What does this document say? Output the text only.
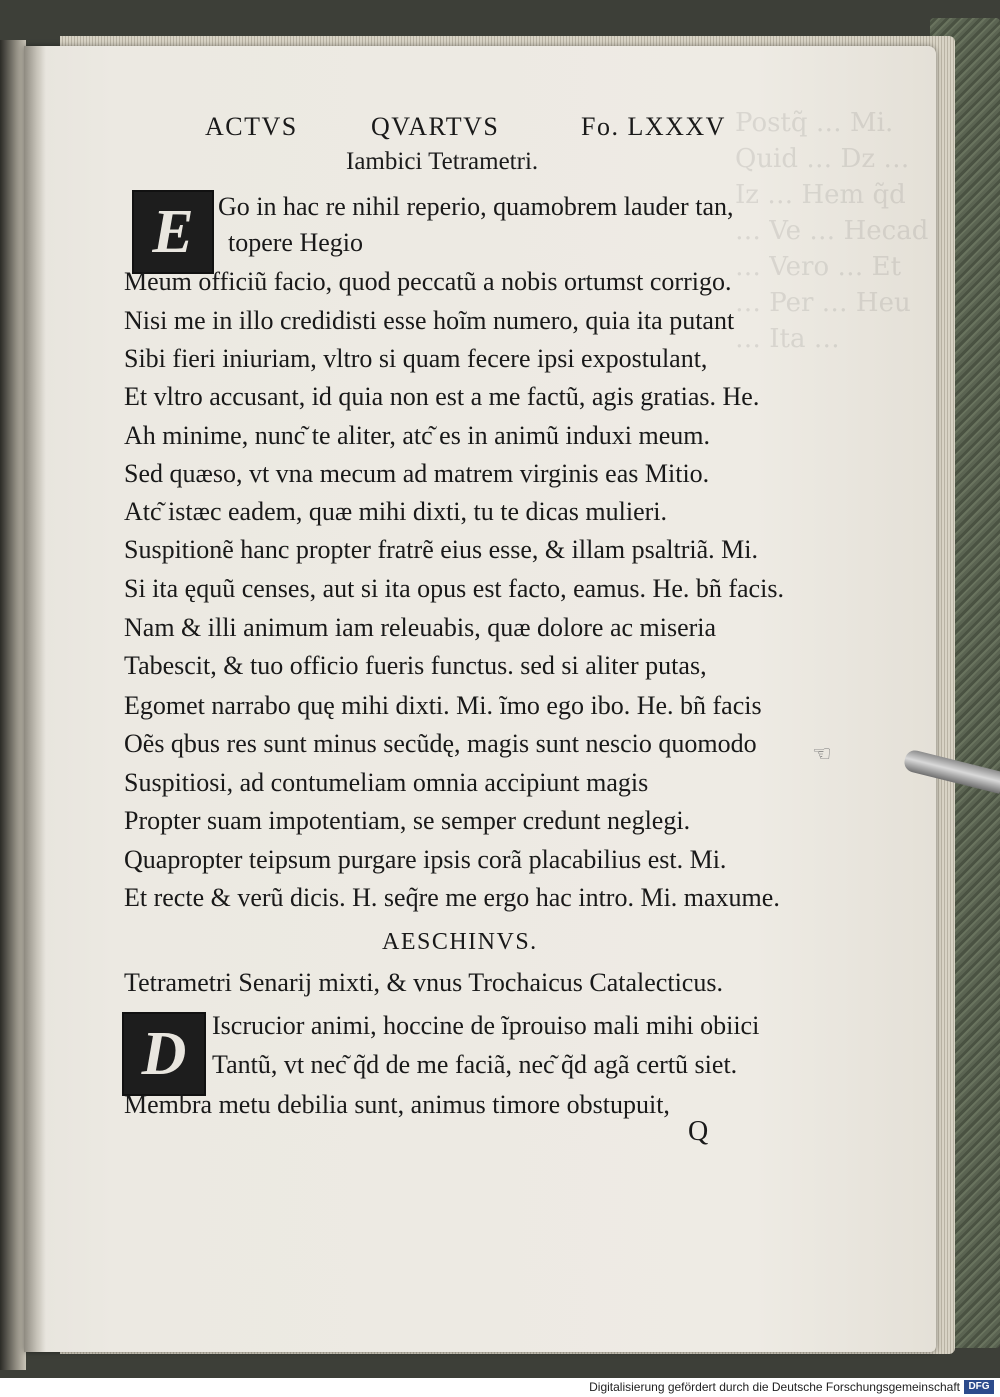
Postq̃ … Mi. Quid … Dz … Iz … Hem q̃d … Ve … Hecad … Vero … Et … Per … Heu … Ita …
ACTVS	QVARTVS	Fo. LXXXV
Iambici Tetrametri.
E Go in hac re nihil reperio, quamobrem lauder tan,
topere Hegio
Meum officiũ facio, quod peccatũ a nobis ortumst corrigo.
Nisi me in illo credidisti esse hoĩm numero, quia ita putant
Sibi fieri iniuriam, vltro si quam fecere ipsi expostulant,
Et vltro accusant, id quia non est a me factũ, agis gratias. He.
Ah minime, nunc͂ te aliter, atc͂ es in animũ induxi meum.
Sed quæso, vt vna mecum ad matrem virginis eas Mitio.
Atc͂ istæc eadem, quæ mihi dixti, tu te dicas mulieri.
Suspitionẽ hanc propter fratrẽ eius esse, & illam psaltriã. Mi.
Si ita ęquũ censes, aut si ita opus est facto, eamus. He. bñ facis.
Nam & illi animum iam releuabis, quæ dolore ac miseria
Tabescit, & tuo officio fueris functus. sed si aliter putas,
Egomet narrabo quę mihi dixti. Mi. ĩmo ego ibo. He. bñ facis
Oẽs qbus res sunt minus secũdę, magis sunt nescio quomodo
Suspitiosi, ad contumeliam omnia accipiunt magis
Propter suam impotentiam, se semper credunt neglegi.
Quapropter teipsum purgare ipsis corã placabilius est. Mi.
Et recte & verũ dicis. H. seq̃re me ergo hac intro. Mi. maxume.
☜
AESCHINVS.
Tetrametri Senarij mixti, & vnus Trochaicus Catalecticus.
D Iscrucior animi, hoccine de ĩprouiso mali mihi obiici
Tantũ, vt nec͂ q̃d de me faciã, nec͂ q̃d agã certũ siet.
Membra metu debilia sunt, animus timore obstupuit,
Q
Digitalisierung gefördert durch die Deutsche Forschungsgemeinschaft DFG
